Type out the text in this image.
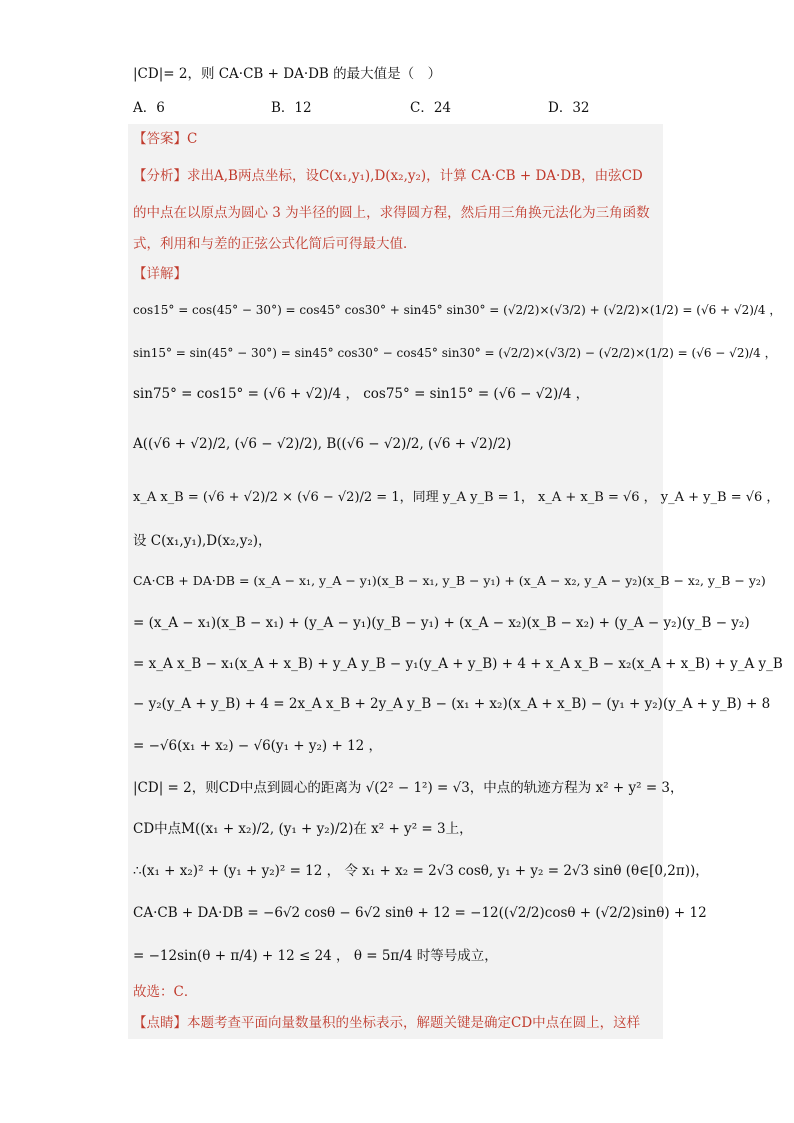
|CD|= 2，则 CA·CB + DA·DB 的最大值是（　）
A．6	B．12	C．24	D．32
【答案】C
【分析】求出A,B两点坐标，设C(x₁,y₁),D(x₂,y₂)，计算 CA·CB + DA·DB，由弦CD
的中点在以原点为圆心 3 为半径的圆上，求得圆方程，然后用三角换元法化为三角函数
式，利用和与差的正弦公式化简后可得最大值．
【详解】
cos15° = cos(45° − 30°) = cos45° cos30° + sin45° sin30° = (√2/2)×(√3/2) + (√2/2)×(1/2) = (√6 + √2)/4 ，
sin15° = sin(45° − 30°) = sin45° cos30° − cos45° sin30° = (√2/2)×(√3/2) − (√2/2)×(1/2) = (√6 − √2)/4 ，
sin75° = cos15° = (√6 + √2)/4 ， cos75° = sin15° = (√6 − √2)/4 ，
A((√6 + √2)/2, (√6 − √2)/2), B((√6 − √2)/2, (√6 + √2)/2)
x_A x_B = (√6 + √2)/2 × (√6 − √2)/2 = 1，同理 y_A y_B = 1， x_A + x_B = √6 ， y_A + y_B = √6 ，
设 C(x₁,y₁),D(x₂,y₂)，
CA·CB + DA·DB = (x_A − x₁, y_A − y₁)(x_B − x₁, y_B − y₁) + (x_A − x₂, y_A − y₂)(x_B − x₂, y_B − y₂)
= (x_A − x₁)(x_B − x₁) + (y_A − y₁)(y_B − y₁) + (x_A − x₂)(x_B − x₂) + (y_A − y₂)(y_B − y₂)
= x_A x_B − x₁(x_A + x_B) + y_A y_B − y₁(y_A + y_B) + 4 + x_A x_B − x₂(x_A + x_B) + y_A y_B
− y₂(y_A + y_B) + 4 = 2x_A x_B + 2y_A y_B − (x₁ + x₂)(x_A + x_B) − (y₁ + y₂)(y_A + y_B) + 8
= −√6(x₁ + x₂) − √6(y₁ + y₂) + 12 ，
|CD| = 2，则CD中点到圆心的距离为 √(2² − 1²) = √3，中点的轨迹方程为 x² + y² = 3，
CD中点M((x₁ + x₂)/2, (y₁ + y₂)/2)在 x² + y² = 3上，
∴(x₁ + x₂)² + (y₁ + y₂)² = 12 ， 令 x₁ + x₂ = 2√3 cosθ, y₁ + y₂ = 2√3 sinθ (θ∈[0,2π))，
CA·CB + DA·DB = −6√2 cosθ − 6√2 sinθ + 12 = −12((√2/2)cosθ + (√2/2)sinθ) + 12
= −12sin(θ + π/4) + 12 ≤ 24 ， θ = 5π/4 时等号成立，
故选：C．
【点睛】本题考查平面向量数量积的坐标表示，解题关键是确定CD中点在圆上，这样
